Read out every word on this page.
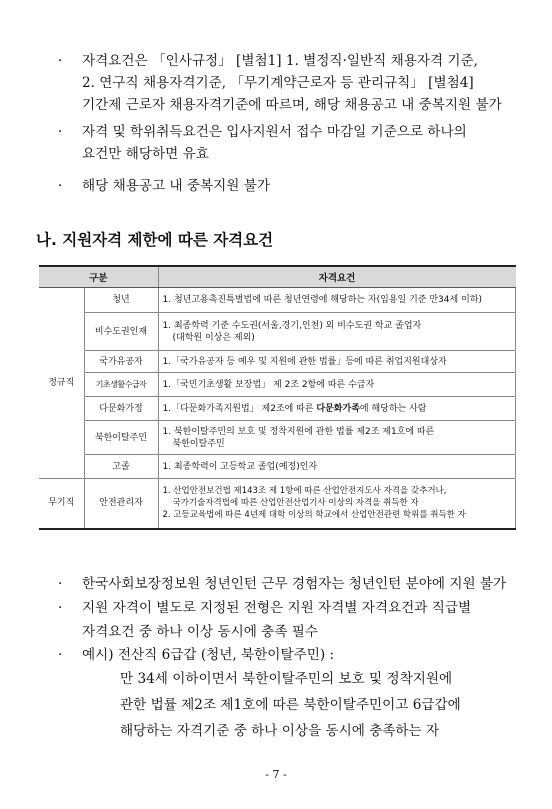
·	자격요건은 「인사규정」 [별첨1] 1. 별정직·일반직 채용자격 기준,
2. 연구직 채용자격기준, 「무기계약근로자 등 관리규칙」 [별첨4]
기간제 근로자 채용자격기준에 따르며, 해당 채용공고 내 중복지원 불가
·	자격 및 학위취득요건은 입사지원서 접수 마감일 기준으로 하나의
요건만 해당하면 유효
·	해당 채용공고 내 중복지원 불가
나. 지원자격 제한에 따른 자격요건
구분		자격요건
정규직	청년	1. 청년고용촉진특별법에 따른 청년연령에 해당하는 자(임용일 기준 만34세 이하)
	비수도권인재	1. 최종학력 기준 수도권(서울,경기,인천) 외 비수도권 학교 졸업자
(대학원 이상은 제외)

	국가유공자	1.「국가유공자 등 예우 및 지원에 관한 법률」등에 따른 취업지원대상자
	기초생활수급자	1.「국민기초생활 보장법」 제 2조 2항에 따른 수급자
	다문화가정	1.「다문화가족지원법」 제2조에 따른 다문화가족에 해당하는 사람
	북한이탈주민	1. 북한이탈주민의 보호 및 정착지원에 관한 법률 제2조 제1호에 따른
북한이탈주민

	고졸	1. 최종학력이 고등학교 졸업(예정)인자
무기직	안전관리자	1. 산업안전보건법 제143조 제 1항에 따른 산업안전지도사 자격을 갖추거나,
국가기술자격법에 따른 산업안전산업기사 이상의 자격을 취득한 자
2. 고등교육법에 따른 4년제 대학 이상의 학교에서 산업안전관련 학위를 취득한 자
·	한국사회보장정보원 청년인턴 근무 경험자는 청년인턴 분야에 지원 불가
·	지원 자격이 별도로 지정된 전형은 지원 자격별 자격요건과 직급별
자격요건 중 하나 이상 동시에 충족 필수
·	예시) 전산직 6급갑 (청년, 북한이탈주민) :
만 34세 이하이면서 북한이탈주민의 보호 및 정착지원에
관한 법률 제2조 제1호에 따른 북한이탈주민이고 6급갑에
해당하는 자격기준 중 하나 이상을 동시에 충족하는 자
- 7 -
